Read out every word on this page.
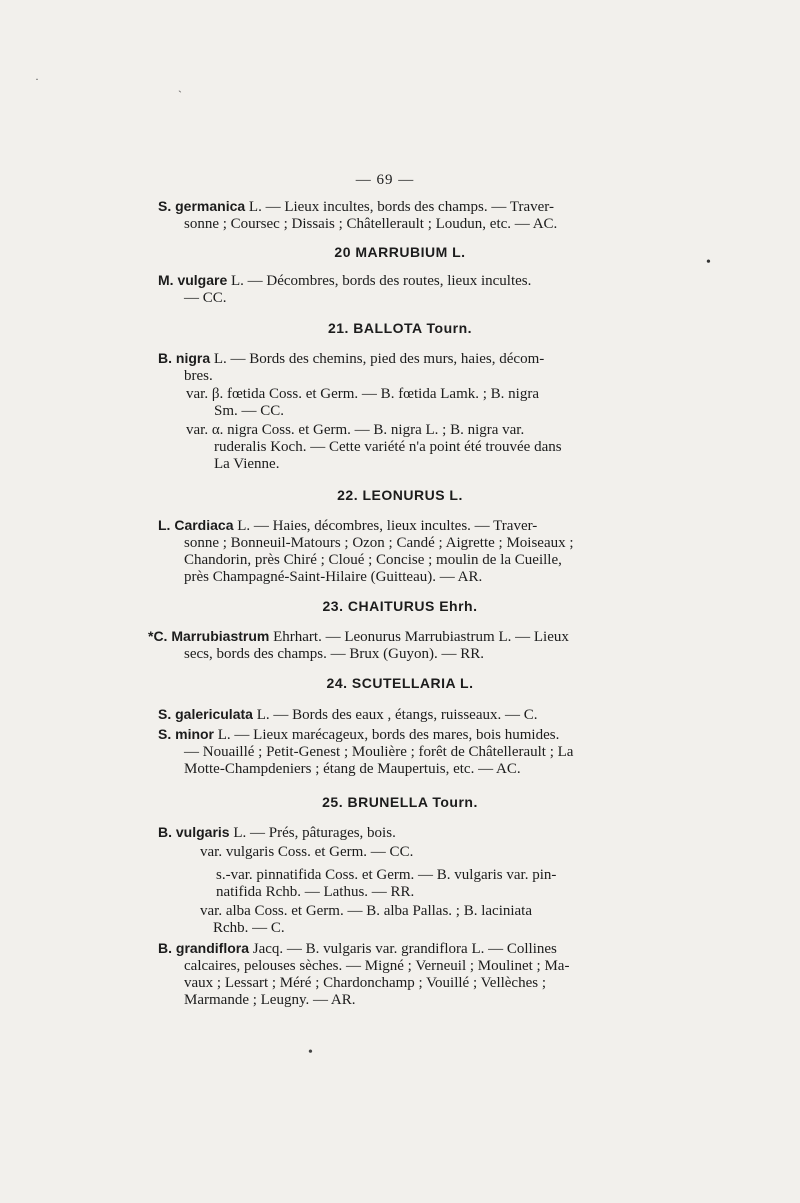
·
`
— 69 —
S. germanica L. — Lieux incultes, bords des champs. — Traver-
sonne ; Coursec ; Dissais ; Châtellerault ; Loudun, etc. — AC.
20 MARRUBIUM L.
M. vulgare L. — Décombres, bords des routes, lieux incultes.
— CC.
21. BALLOTA Tourn.
B. nigra L. — Bords des chemins, pied des murs, haies, décom-
bres.
var. β. fœtida Coss. et Germ. — B. fœtida Lamk. ; B. nigra
Sm. — CC.
var. α. nigra Coss. et Germ. — B. nigra L. ; B. nigra var.
ruderalis Koch. — Cette variété n'a point été trouvée dans
La Vienne.
22. LEONURUS L.
L. Cardiaca L. — Haies, décombres, lieux incultes. — Traver-
sonne ; Bonneuil-Matours ; Ozon ; Candé ; Aigrette ; Moiseaux ;
Chandorin, près Chiré ; Cloué ; Concise ; moulin de la Cueille,
près Champagné-Saint-Hilaire (Guitteau). — AR.
23. CHAITURUS Ehrh.
*C. Marrubiastrum Ehrhart. — Leonurus Marrubiastrum L. — Lieux
secs, bords des champs. — Brux (Guyon). — RR.
24. SCUTELLARIA L.
S. galericulata L. — Bords des eaux , étangs, ruisseaux. — C.
S. minor L. — Lieux marécageux, bords des mares, bois humides.
— Nouaillé ; Petit-Genest ; Moulière ; forêt de Châtellerault ; La
Motte-Champdeniers ; étang de Maupertuis, etc. — AC.
25. BRUNELLA Tourn.
B. vulgaris L. — Prés, pâturages, bois.
var. vulgaris Coss. et Germ. — CC.
s.-var. pinnatifida Coss. et Germ. — B. vulgaris var. pin-
natifida Rchb. — Lathus. — RR.
var. alba Coss. et Germ. — B. alba Pallas. ; B. laciniata
Rchb. — C.
B. grandiflora Jacq. — B. vulgaris var. grandiflora L. — Collines
calcaires, pelouses sèches. — Migné ; Verneuil ; Moulinet ; Ma-
vaux ; Lessart ; Méré ; Chardonchamp ; Vouillé ; Vellèches ;
Marmande ; Leugny. — AR.
•
•
